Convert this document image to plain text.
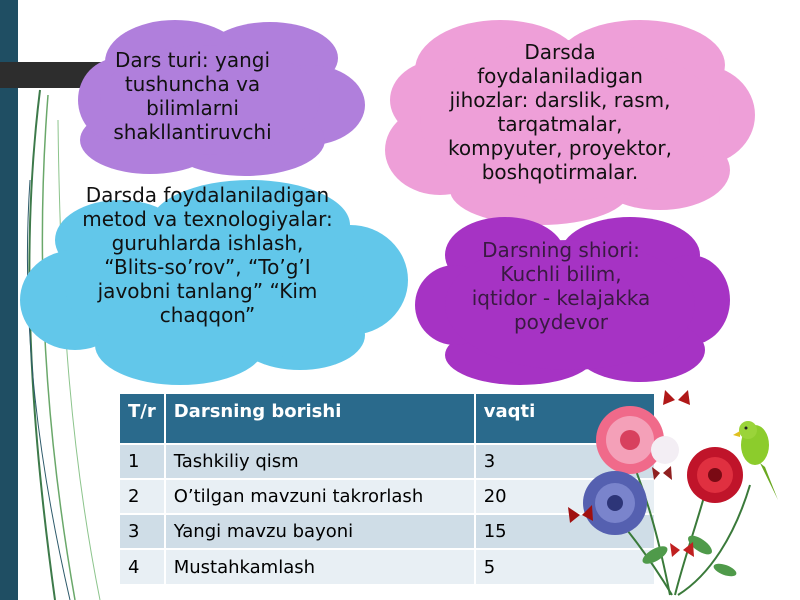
Dars turi: yangi tushuncha va bilimlarni shakllantiruvchi
Darsda foydalaniladigan jihozlar: darslik, rasm, tarqatmalar, kompyuter, proyektor, boshqotirmalar.
Darsda foydalaniladigan metod va texnologiyalar: guruhlarda ishlash, “Blits-so’rov”, “To’g’I javobni tanlang” “Kim chaqqon”
Darsning shiori: Kuchli bilim, iqtidor - kelajakka poydevor
T/r	Darsning borishi	vaqti
1	Tashkiliy qism	3
2	O’tilgan mavzuni takrorlash	20
3	Yangi mavzu bayoni	15
4	Mustahkamlash	5
